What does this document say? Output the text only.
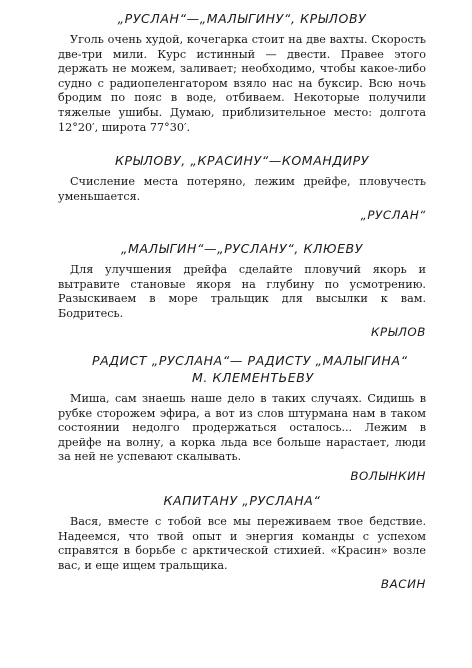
„РУСЛАН“—„МАЛЫГИНУ“, КРЫЛОВУ

Уголь очень худой, кочегарка стоит на две вахты. Скорость две-три мили. Курс истинный — двести. Правее этого держать не можем, заливает; необходимо, чтобы какое-либо судно с радиопеленгатором взяло нас на буксир. Всю ночь бродим по пояс в воде, отбиваем. Некоторые получили тяжелые ушибы. Думаю, приблизительное место: долгота 12°20′, широта 77°30′.

КРЫЛОВУ, „КРАСИНУ“—КОМАНДИРУ

Счисление места потеряно, лежим дрейфе, пловучесть уменьшается.

„РУСЛАН“

„МАЛЫГИН“—„РУСЛАНУ“, КЛЮЕВУ

Для улучшения дрейфа сделайте пловучий якорь и вытравите становые якоря на глубину по усмотрению. Разыскиваем в море тральщик для высылки к вам. Бодритесь.

КРЫЛОВ

РАДИСТ „РУСЛАНА“— РАДИСТУ „МАЛЫГИНА“
М. КЛЕМЕНТЬЕВУ

Миша, сам знаешь наше дело в таких случаях. Сидишь в рубке сторожем эфира, а вот из слов штурмана нам в таком состоянии недолго продержаться осталось... Лежим в дрейфе на волну, а корка льда все больше нарастает, люди за ней не успевают скалывать.

ВОЛЫНКИН

КАПИТАНУ „РУСЛАНА“

Вася, вместе с тобой все мы переживаем твое бедствие. Надеемся, что твой опыт и энергия команды с успехом справятся в борьбе с арктической стихией. «Красин» возле вас, и еще ищем тральщика.

ВАСИН
